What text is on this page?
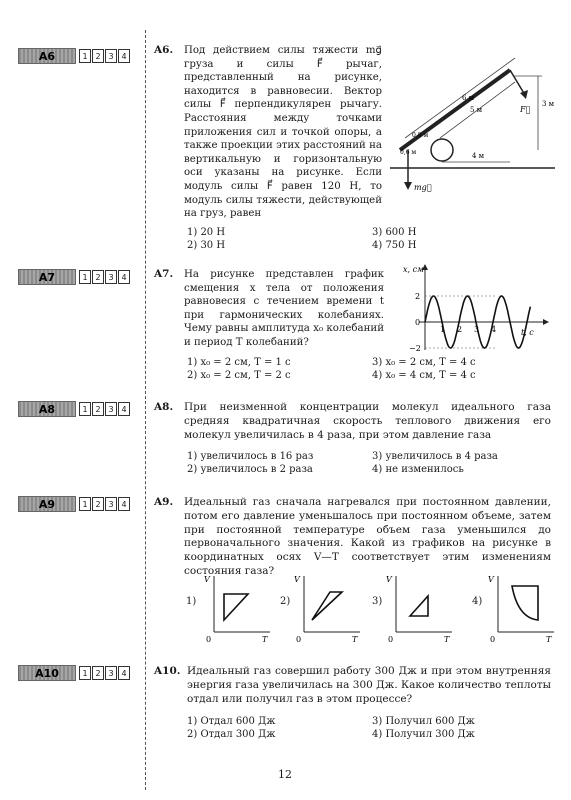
A6	1 2 3 4
A7	1 2 3 4
A8	1 2 3 4
A9	1 2 3 4
A10	1 2 3 4
A6. Под действием силы тяжести mg⃗ груза и силы F⃗ рычаг, представленный на рисунке, находится в равновесии. Вектор силы F⃗ перпендикулярен рычагу. Расстояния между точками приложения сил и точкой опоры, а также проекции этих расстояний на вертикальную и горизонтальную оси указаны на рисунке. Если модуль силы F⃗ равен 120 Н, то модуль силы тяжести, действующей на груз, равен
1) 20 Н
2) 30 Н
3) 600 Н
4) 750 Н
6 м
5 м
0,8 м
0,6 м	4 м
3 м
F⃗
mg⃗
A7. На рисунке представлен график смещения x тела от положения равновесия с течением времени t при гармонических колебаниях. Чему равны амплитуда x₀ колебаний и период T колебаний?
1) x₀ = 2 см, T = 1 с
2) x₀ = 2 см, T = 2 с
3) x₀ = 2 см, T = 4 с
4) x₀ = 4 см, T = 4 с
x, см
t, с
2
0
−2
1 2 3 4
A8. При неизменной концентрации молекул идеального газа средняя квадратичная скорость теплового движения его молекул увеличилась в 4 раза, при этом давление газа
1) увеличилось в 16 раз
2) увеличилось в 2 раза
3) увеличилось в 4 раза
4) не изменилось
A9. Идеальный газ сначала нагревался при постоянном давлении, потом его давление уменьшалось при постоянном объеме, затем при постоянной температуре объем газа уменьшился до первоначального значения. Какой из графиков на рисунке в координатных осях V—T соответствует этим изменениям состояния газа?
1)
V
T
0
2)
V
T
0
3)
V
T
0
4)
V
T
0
A10. Идеальный газ совершил работу 300 Дж и при этом внутренняя энергия газа увеличилась на 300 Дж. Какое количество теплоты отдал или получил газ в этом процессе?
1) Отдал 600 Дж
2) Отдал 300 Дж
3) Получил 600 Дж
4) Получил 300 Дж
12
